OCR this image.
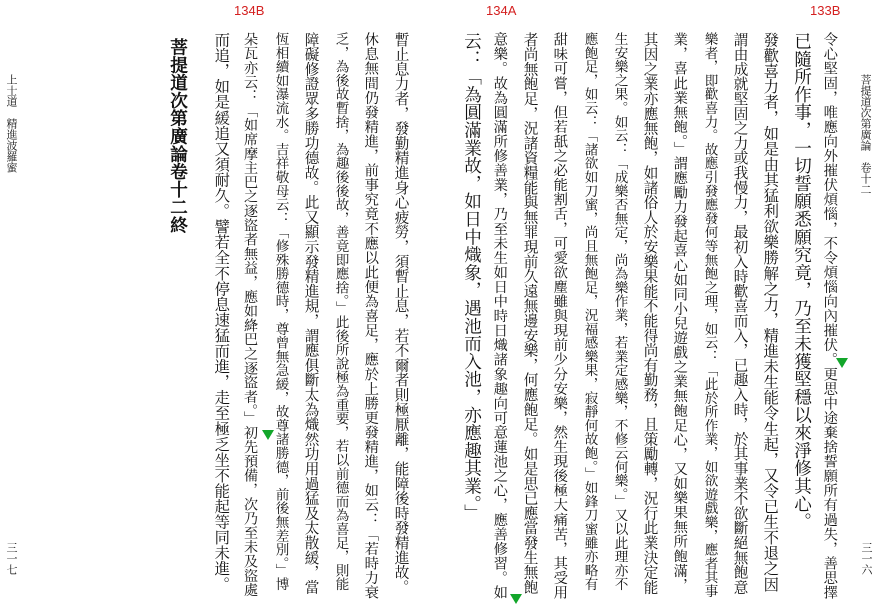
133B
134A
134B
菩提道次第廣論　卷十二
三一六
令心堅固，唯應向外摧伏煩惱，不令煩惱向內摧伏。更思中途棄捨誓願所有過失，善思擇
已隨所作事，一切誓願悉願究竟，乃至未獲堅穩以來淨修其心。
發歡喜力者，如是由其猛利欲樂勝解之力，精進未生能令生起，又令已生不退之因
謂由成就堅固之力或我慢力，最初入時歡喜而入，已趣入時，於其事業不欲斷絕無飽意
樂者，即歡喜力。故應引發應發何等無飽之理，如云：「此於所作業，如欲遊戲樂，應者其事
業，喜此業無飽。」謂應勵力發起喜心如同小兒遊戲之業無飽足心，又如樂果無所飽滿，
其因之業亦應無飽，如諸俗人於安樂果能不能得尚有勤務，且策勵轉，況行此業決定能
生安樂之果。如云：「成樂否無定，尚為樂作業，若業定感樂，不修云何樂。」又以此理亦不
應飽足，如云：「諸欲如刀蜜，尚且無飽足，況福感樂果，寂靜何故飽。」如鋒刀蜜雖亦略有
甜味可嘗，但若舐之必能割舌，可愛欲塵雖與現前少分安樂，然生現後極大痛苦，其受用
者尚無飽足，況諸資糧能與無罪現前久遠無邊安樂，何應飽足。如是思已應當發生無飽
意樂。故為圓滿所修善業，乃至未生如日中時日熾諸象趣向可意蓮池之心，應善修習。如
云：「為圓滿業故，如日中熾象，遇池而入池，亦應趣其業。」
暫止息力者，發勤精進身心疲勞，須暫止息，若不爾者則極厭離，能障後時發精進故。
休息無間仍發精進，前事究竟不應以此便為喜足，應於上勝更發精進，如云：「若時力衰
乏，為後故暫捨，為趣後後故，善竟即應捨。」此後所說極為重要，若以前德而為喜足，則能
障礙修證眾多勝功德故。此又顯示發精進規，謂應俱斷太為熾然功用過猛及太散緩，當
恆相續如瀑流水。吉祥敬母云：「修殊勝德時，尊曾無急緩，故尊諸勝德，前後無差別。」博
朵瓦亦云：「如席摩主巴之逐盜者無益，應如絳巴之逐盜者。」初先預備，次乃至未及盜處
而追，如是緩追又須耐久。譬若全不停息速猛而進，走至極乏坐不能起等同未進。
菩提道次第廣論卷十二終
上士道　精進波羅蜜
三一七
